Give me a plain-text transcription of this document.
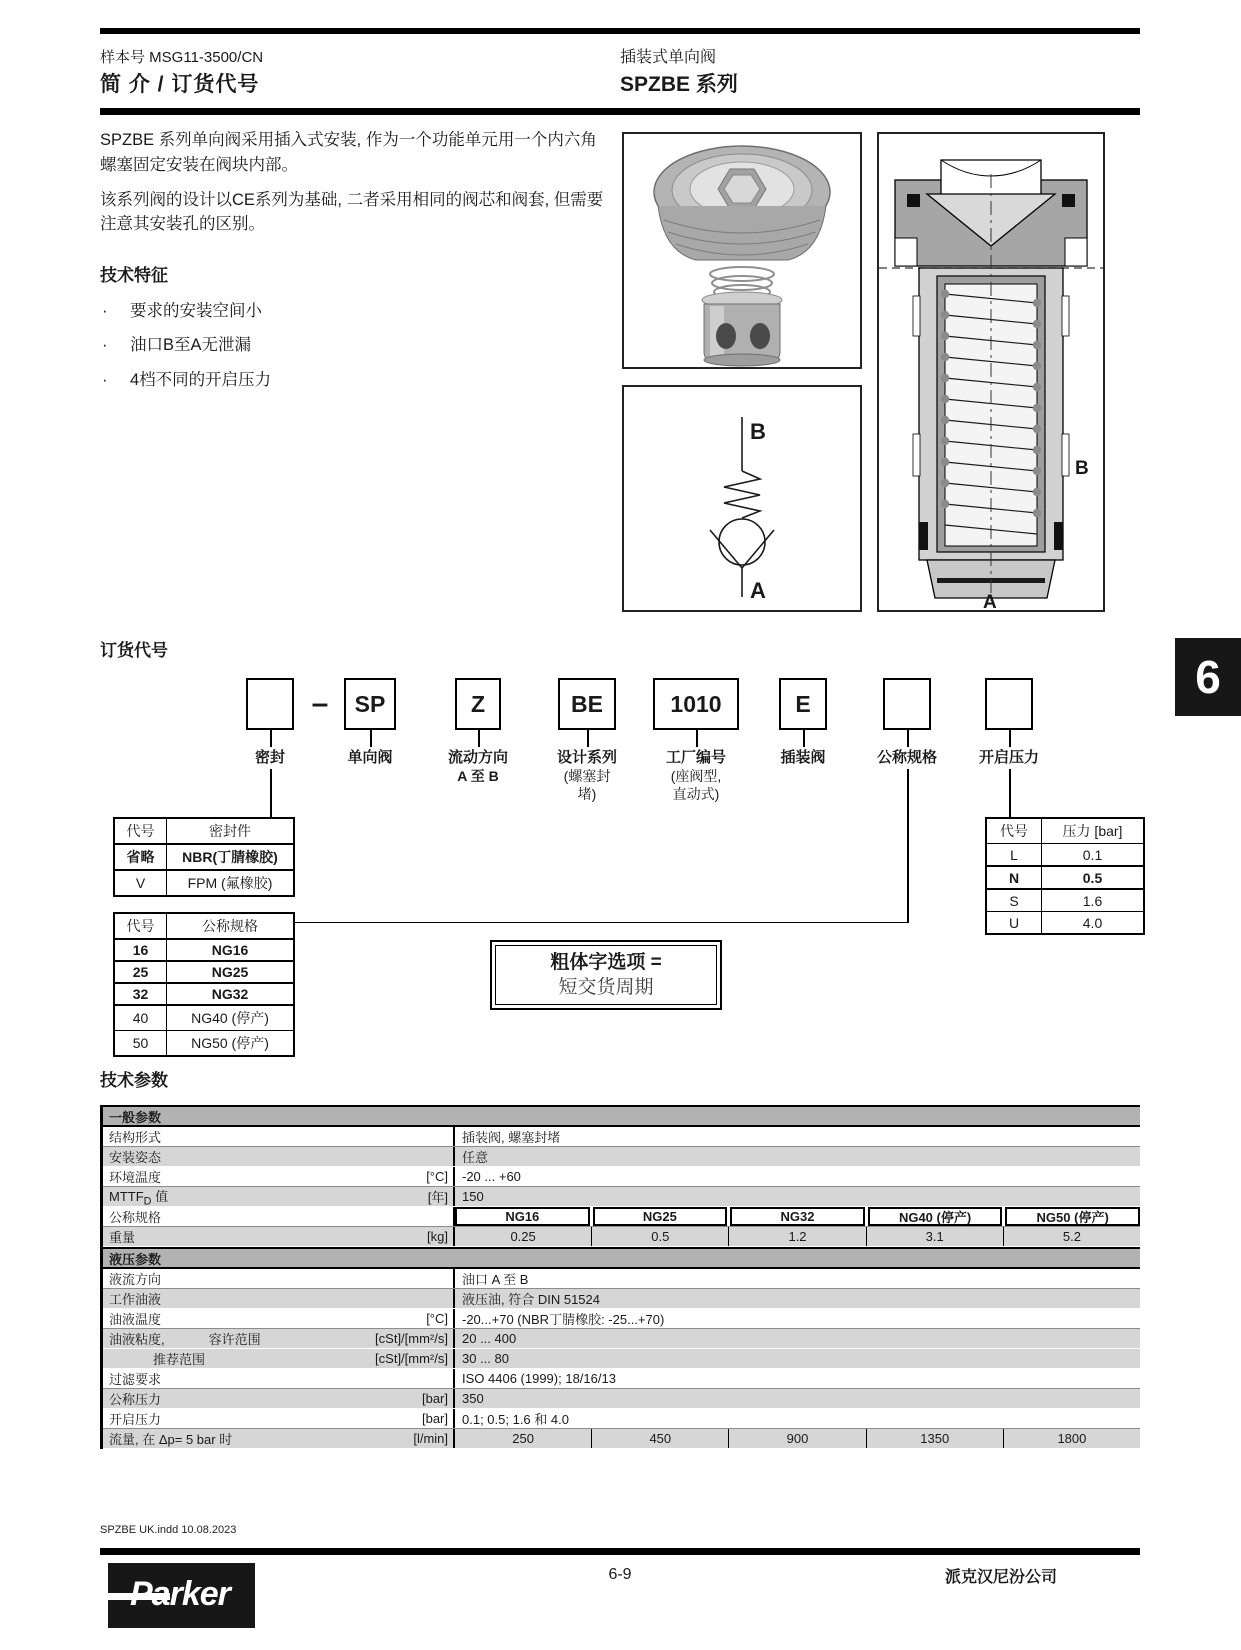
样本号 MSG11-3500/CN
简 介 / 订货代号
插装式单向阀
SPZBE 系列

SPZBE 系列单向阀采用插入式安装, 作为一个功能单元用一个内六角螺塞固定安装在阀块内部。

该系列阀的设计以CE系列为基础, 二者采用相同的阀芯和阀套, 但需要注意其安装孔的区别。

技术特征
·	要求的安装空间小
·	油口B至A无泄漏
·	4档不同的开启压力
B
A
B
A
6
订货代号
密封
SP
单向阀
Z
流动方向
A 至 B
BE
设计系列
(螺塞封
堵)
1010
工厂编号
(座阀型,
直动式)
E
插装阀	公称规格	开启压力
–
代号	密封件
省略	NBR(丁腈橡胶)
V	FPM (氟橡胶)
代号	公称规格
16	NG16
25	NG25
32	NG32
40	NG40 (停产)
50	NG50 (停产)
代号	压力 [bar]
L	0.1
N	0.5
S	1.6
U	4.0
粗体字选项 =
短交货周期
技术参数
一般参数
结构形式	插装阀, 螺塞封堵
安装姿态	任意
环境温度	[°C]	-20 ... +60
$MTTF_D$ 值	[年]	150
公称规格	NG16	NG25	NG32	NG40 (停产)	NG50 (停产)
重量	[kg]	0.25	0.5	1.2	3.1	5.2
液压参数
液流方向	油口 A 至 B
工作油液	液压油, 符合 DIN 51524
油液温度	[°C]	-20...+70 (NBR丁腈橡胶: -25...+70)
油液粘度,	容许范围	[cSt]/[mm²/s]	20 ... 400
推荐范围	[cSt]/[mm²/s]	30 ... 80
过滤要求	ISO 4406 (1999); 18/16/13
公称压力	[bar]	350
开启压力	[bar]	0.1; 0.5; 1.6 和 4.0
流量, 在 Δp= 5 bar 时	[l/min]	250	450	900	1350	1800
SPZBE UK.indd 10.08.2023
Parker
6-9	派克汉尼汾公司
